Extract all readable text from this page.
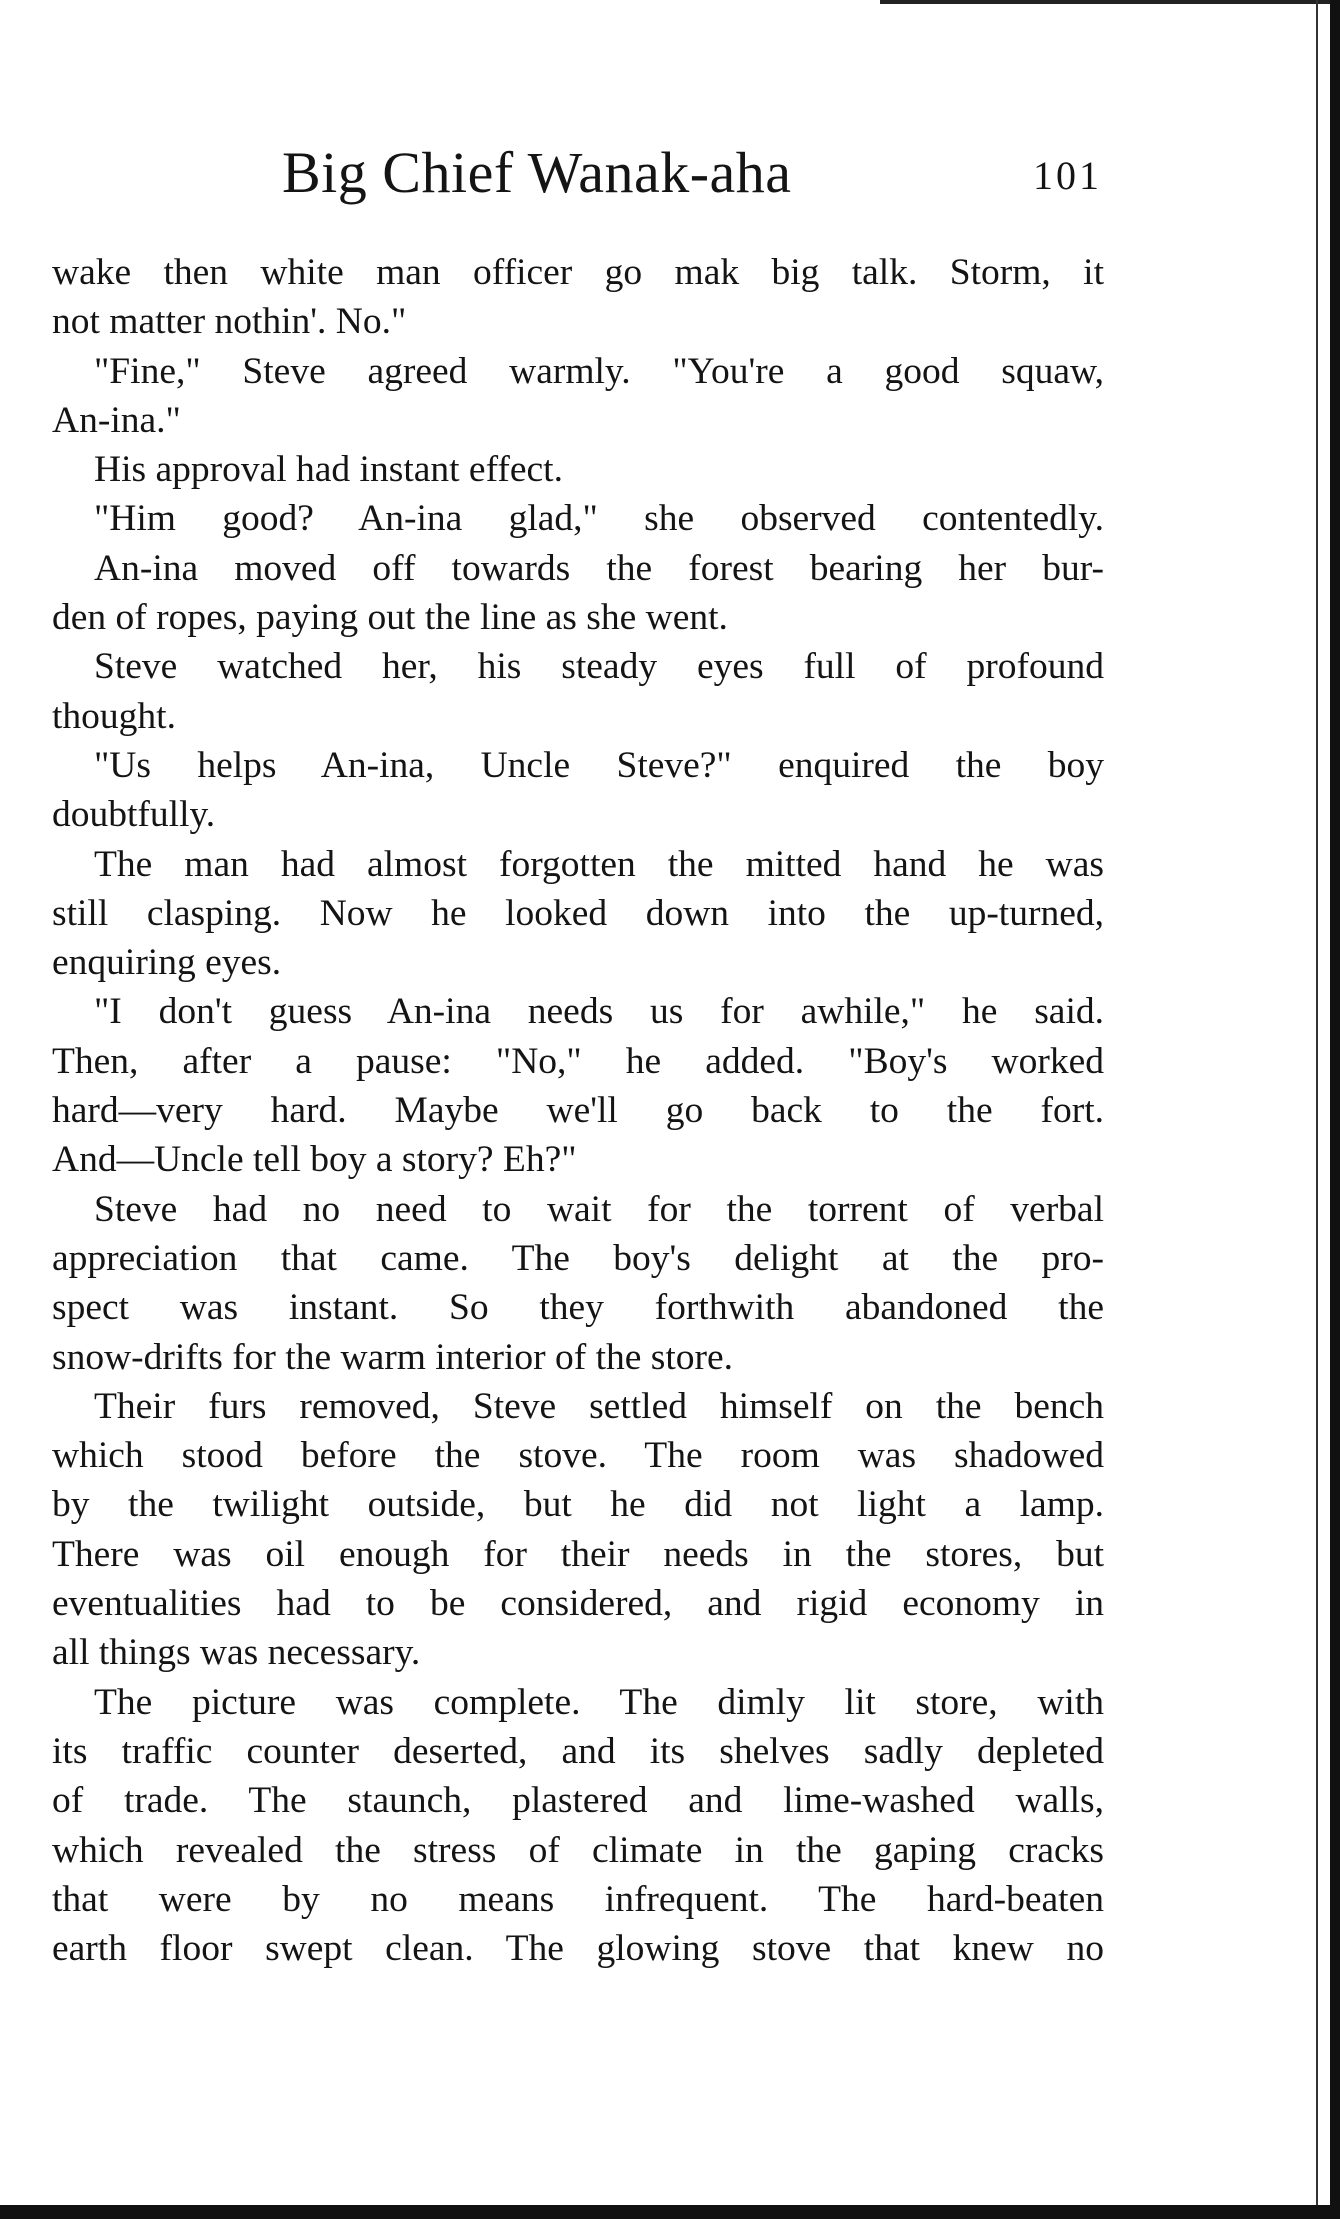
Big Chief Wanak-aha	101
wake then white man officer go mak big talk. Storm, it
not matter nothin'. No."
"Fine," Steve agreed warmly. "You're a good squaw,
An-ina."
His approval had instant effect.
"Him good? An-ina glad," she observed contentedly.
An-ina moved off towards the forest bearing her bur-
den of ropes, paying out the line as she went.
Steve watched her, his steady eyes full of profound
thought.
"Us helps An-ina, Uncle Steve?" enquired the boy
doubtfully.
The man had almost forgotten the mitted hand he was
still clasping. Now he looked down into the up-turned,
enquiring eyes.
"I don't guess An-ina needs us for awhile," he said.
Then, after a pause: "No," he added. "Boy's worked
hard—very hard. Maybe we'll go back to the fort.
And—Uncle tell boy a story? Eh?"
Steve had no need to wait for the torrent of verbal
appreciation that came. The boy's delight at the pro-
spect was instant. So they forthwith abandoned the
snow-drifts for the warm interior of the store.
Their furs removed, Steve settled himself on the bench
which stood before the stove. The room was shadowed
by the twilight outside, but he did not light a lamp.
There was oil enough for their needs in the stores, but
eventualities had to be considered, and rigid economy in
all things was necessary.
The picture was complete. The dimly lit store, with
its traffic counter deserted, and its shelves sadly depleted
of trade. The staunch, plastered and lime-washed walls,
which revealed the stress of climate in the gaping cracks
that were by no means infrequent. The hard-beaten
earth floor swept clean. The glowing stove that knew no
